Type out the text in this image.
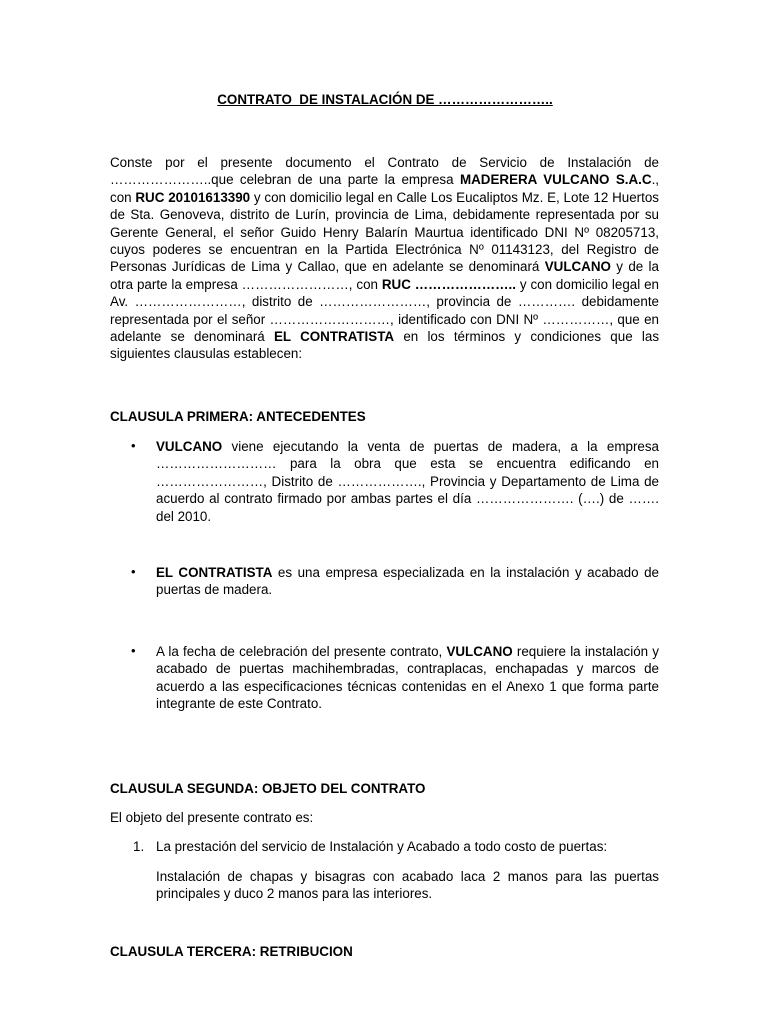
CONTRATO  DE INSTALACIÓN DE ……………………..

Conste por el presente documento el Contrato de Servicio de Instalación de …………………..que celebran de una parte la empresa MADERERA VULCANO S.A.C., con RUC 20101613390 y con domicilio legal en Calle Los Eucaliptos Mz. E, Lote 12 Huertos de Sta. Genoveva, distrito de Lurín, provincia de Lima, debidamente representada por su Gerente General, el señor Guido Henry Balarín Maurtua identificado DNI Nº 08205713, cuyos poderes se encuentran en la Partida Electrónica Nº 01143123, del Registro de Personas Jurídicas de Lima y Callao, que en adelante se denominará VULCANO y de la otra parte la empresa ……………………, con RUC ………………….. y con domicilio legal en Av. ……………………, distrito de ……………………, provincia de …………. debidamente representada por el señor ………………………, identificado con DNI Nº ……………, que en adelante se denominará EL CONTRATISTA en los términos y condiciones que las siguientes clausulas establecen:

CLAUSULA PRIMERA: ANTECEDENTES

• VULCANO viene ejecutando la venta de puertas de madera, a la empresa ……………………… para la obra que esta se encuentra edificando en ……………………, Distrito de ………………., Provincia y Departamento de Lima de acuerdo al contrato firmado por ambas partes el día …………………. (….) de ……. del 2010.

• EL CONTRATISTA es una empresa especializada en la instalación y acabado de puertas de madera.

• A la fecha de celebración del presente contrato, VULCANO requiere la instalación y acabado de puertas machihembradas, contraplacas, enchapadas y marcos de acuerdo a las especificaciones técnicas contenidas en el Anexo 1 que forma parte integrante de este Contrato.

CLAUSULA SEGUNDA: OBJETO DEL CONTRATO

El objeto del presente contrato es:

1. La prestación del servicio de Instalación y Acabado a todo costo de puertas:

Instalación de chapas y bisagras con acabado laca 2 manos para las puertas principales y duco 2 manos para las interiores.

CLAUSULA TERCERA: RETRIBUCION
